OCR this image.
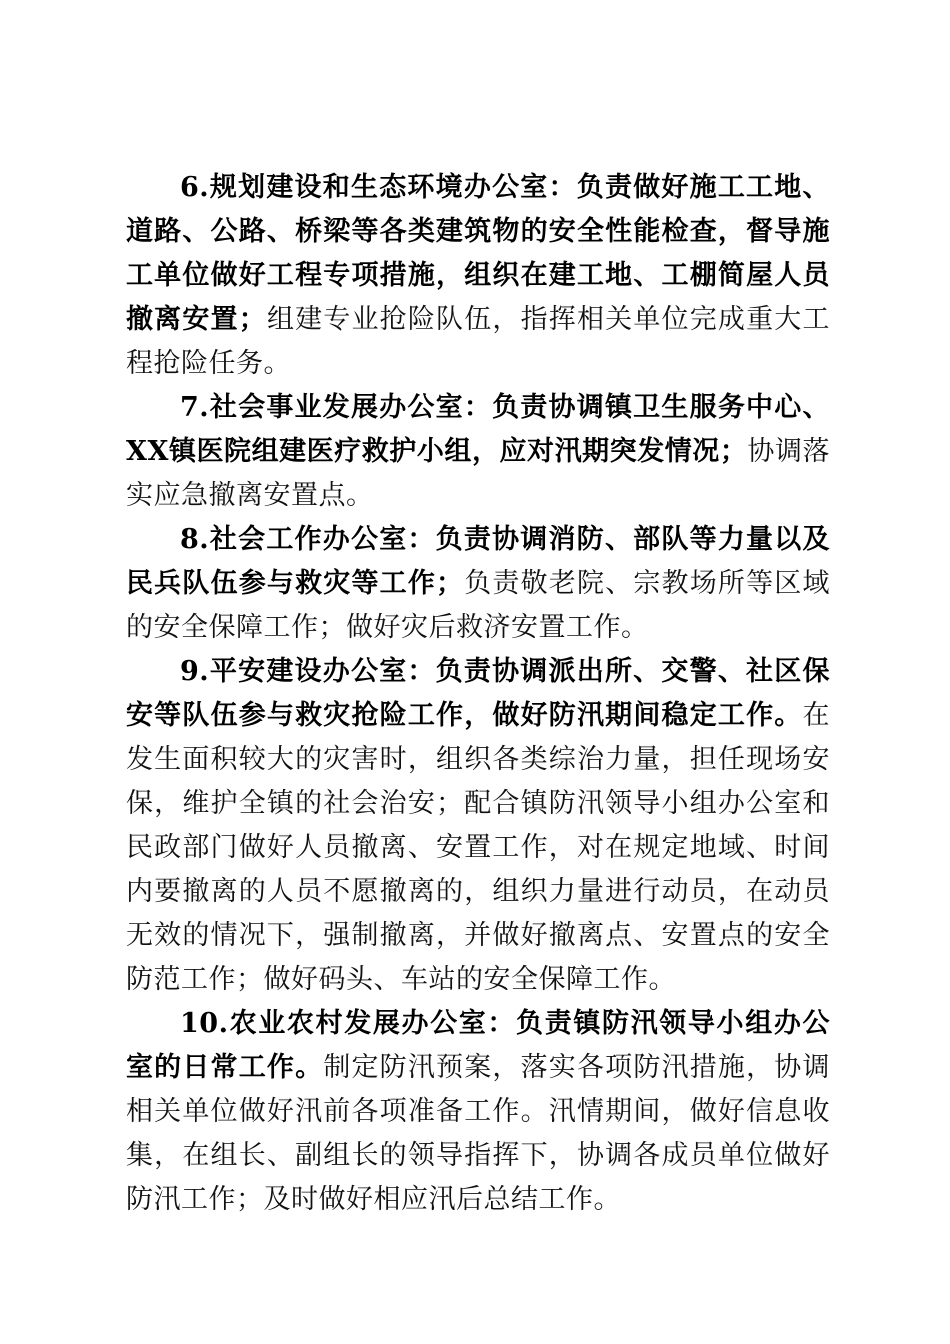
6.规划建设和生态环境办公室：负责做好施工工地、道路、公路、桥梁等各类建筑物的安全性能检查，督导施工单位做好工程专项措施，组织在建工地、工棚简屋人员撤离安置；组建专业抢险队伍，指挥相关单位完成重大工程抢险任务。

7.社会事业发展办公室：负责协调镇卫生服务中心、XX镇医院组建医疗救护小组，应对汛期突发情况；协调落实应急撤离安置点。

8.社会工作办公室：负责协调消防、部队等力量以及民兵队伍参与救灾等工作；负责敬老院、宗教场所等区域的安全保障工作；做好灾后救济安置工作。

9.平安建设办公室：负责协调派出所、交警、社区保安等队伍参与救灾抢险工作，做好防汛期间稳定工作。在发生面积较大的灾害时，组织各类综治力量，担任现场安保，维护全镇的社会治安；配合镇防汛领导小组办公室和民政部门做好人员撤离、安置工作，对在规定地域、时间内要撤离的人员不愿撤离的，组织力量进行动员，在动员无效的情况下，强制撤离，并做好撤离点、安置点的安全防范工作；做好码头、车站的安全保障工作。

10.农业农村发展办公室：负责镇防汛领导小组办公室的日常工作。制定防汛预案，落实各项防汛措施，协调相关单位做好汛前各项准备工作。汛情期间，做好信息收集，在组长、副组长的领导指挥下，协调各成员单位做好防汛工作；及时做好相应汛后总结工作。
